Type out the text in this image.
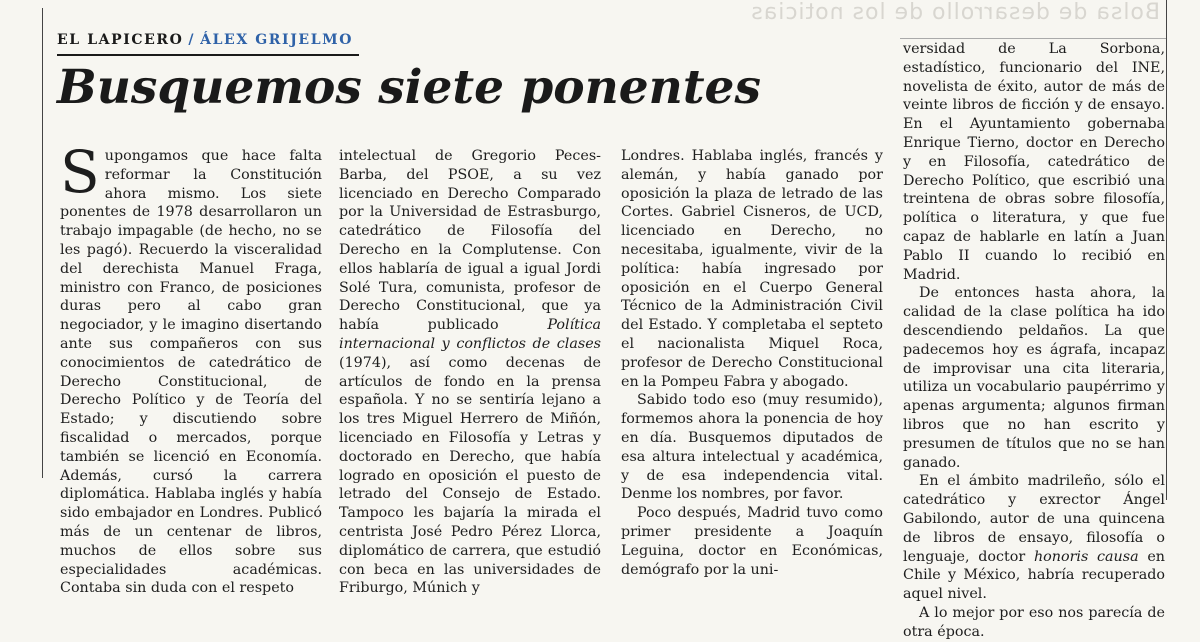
Bolsa de desarrollo de los noticias
EL LAPICERO / ÁLEX GRIJELMO
Busquemos siete ponentes

Supongamos que hace falta reformar la Constitución ahora mismo. Los siete ponentes de 1978 desarrollaron un trabajo impagable (de hecho, no se les pagó). Recuerdo la visceralidad del derechista Manuel Fraga, ministro con Franco, de posiciones duras pero al cabo gran negociador, y le imagino disertando ante sus compañeros con sus conocimientos de catedrático de Derecho Constitucional, de Derecho Político y de Teoría del Estado; y discutiendo sobre fiscalidad o mercados, porque también se licenció en Economía. Además, cursó la carrera diplomática. Hablaba inglés y había sido embajador en Londres. Publicó más de un centenar de libros, muchos de ellos sobre sus especialidades académicas. Contaba sin duda con el respeto

intelectual de Gregorio Peces-Barba, del PSOE, a su vez licenciado en Derecho Comparado por la Universidad de Estrasburgo, catedrático de Filosofía del Derecho en la Complutense. Con ellos hablaría de igual a igual Jordi Solé Tura, comunista, profesor de Derecho Constitucional, que ya había publicado Política internacional y conflictos de clases (1974), así como decenas de artículos de fondo en la prensa española. Y no se sentiría lejano a los tres Miguel Herrero de Miñón, licenciado en Filosofía y Letras y doctorado en Derecho, que había logrado en oposición el puesto de letrado del Consejo de Estado. Tampoco les bajaría la mirada el centrista José Pedro Pérez Llorca, diplomático de carrera, que estudió con beca en las universidades de Friburgo, Múnich y

Londres. Hablaba inglés, francés y alemán, y había ganado por oposición la plaza de letrado de las Cortes. Gabriel Cisneros, de UCD, licenciado en Derecho, no necesitaba, igualmente, vivir de la política: había ingresado por oposición en el Cuerpo General Técnico de la Administración Civil del Estado. Y completaba el septeto el nacionalista Miquel Roca, profesor de Derecho Constitucional en la Pompeu Fabra y abogado.

Sabido todo eso (muy resumido), formemos ahora la ponencia de hoy en día. Busquemos diputados de esa altura intelectual y académica, y de esa independencia vital. Denme los nombres, por favor.

Poco después, Madrid tuvo como primer presidente a Joaquín Leguina, doctor en Económicas, demógrafo por la uni-

versidad de La Sorbona, estadístico, funcionario del INE, novelista de éxito, autor de más de veinte libros de ficción y de ensayo. En el Ayuntamiento gobernaba Enrique Tierno, doctor en Derecho y en Filosofía, catedrático de Derecho Político, que escribió una treintena de obras sobre filosofía, política o literatura, y que fue capaz de hablarle en latín a Juan Pablo II cuando lo recibió en Madrid.

De entonces hasta ahora, la calidad de la clase política ha ido descendiendo peldaños. La que padecemos hoy es ágrafa, incapaz de improvisar una cita literaria, utiliza un vocabulario paupérrimo y apenas argumenta; algunos firman libros que no han escrito y presumen de títulos que no se han ganado.

En el ámbito madrileño, sólo el catedrático y exrector Ángel Gabilondo, autor de una quincena de libros de ensayo, filosofía o lenguaje, doctor honoris causa en Chile y México, habría recuperado aquel nivel.

A lo mejor por eso nos parecía de otra época.
